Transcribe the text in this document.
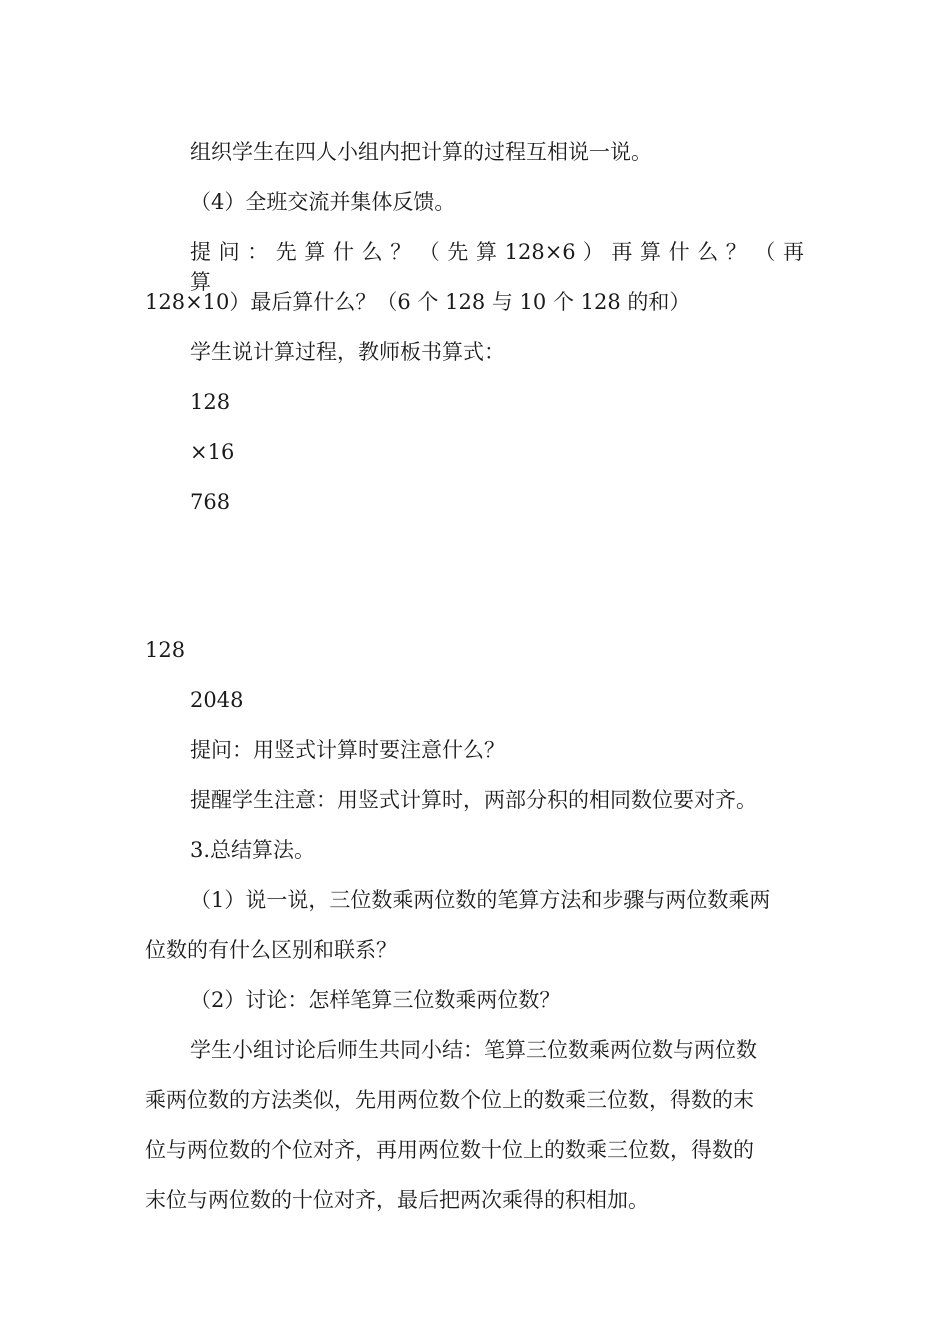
组织学生在四人小组内把计算的过程互相说一说。
（4）全班交流并集体反馈。
提 问 ： 先 算 什 么 ？ （ 先 算 128×6 ） 再 算 什 么 ？ （ 再 算
128×10）最后算什么？（6 个 128 与 10 个 128 的和）
学生说计算过程，教师板书算式：
128
×16
768
128
2048
提问：用竖式计算时要注意什么？
提醒学生注意：用竖式计算时，两部分积的相同数位要对齐。
3.总结算法。
（1）说一说，三位数乘两位数的笔算方法和步骤与两位数乘两
位数的有什么区别和联系？
（2）讨论：怎样笔算三位数乘两位数？
学生小组讨论后师生共同小结：笔算三位数乘两位数与两位数
乘两位数的方法类似，先用两位数个位上的数乘三位数，得数的末
位与两位数的个位对齐，再用两位数十位上的数乘三位数，得数的
末位与两位数的十位对齐，最后把两次乘得的积相加。
